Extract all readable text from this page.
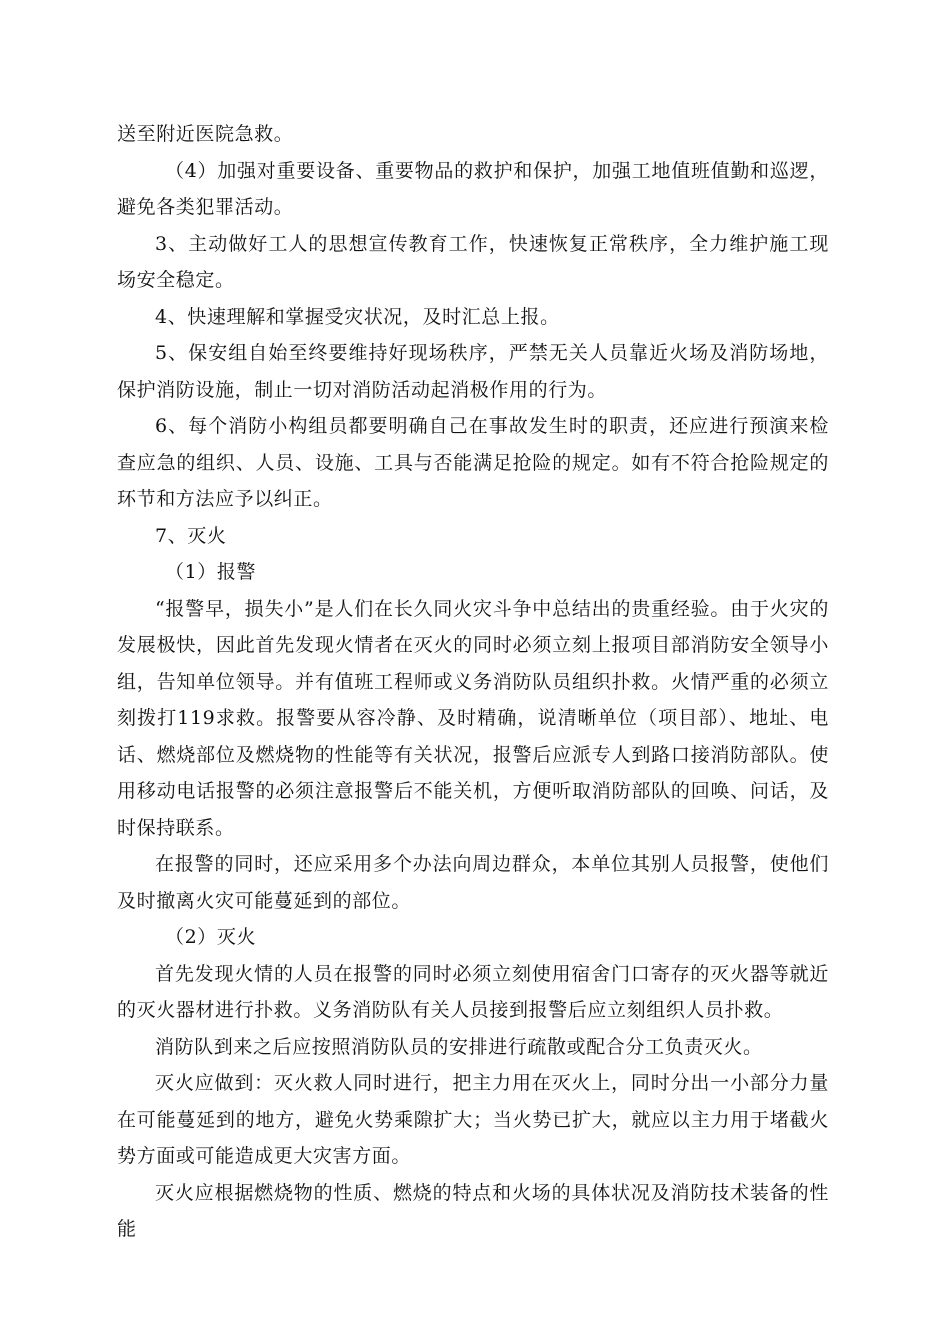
送至附近医院急救。

（4）加强对重要设备、重要物品的救护和保护，加强工地值班值勤和巡逻，避免各类犯罪活动。

3、主动做好工人的思想宣传教育工作，快速恢复正常秩序，全力维护施工现场安全稳定。

4、快速理解和掌握受灾状况，及时汇总上报。

5、保安组自始至终要维持好现场秩序，严禁无关人员靠近火场及消防场地，保护消防设施，制止一切对消防活动起消极作用的行为。

6、每个消防小构组员都要明确自己在事故发生时的职责，还应进行预演来检查应急的组织、人员、设施、工具与否能满足抢险的规定。如有不符合抢险规定的环节和方法应予以纠正。

7、灭火

（1）报警

“报警早，损失小”是人们在长久同火灾斗争中总结出的贵重经验。由于火灾的发展极快，因此首先发现火情者在灭火的同时必须立刻上报项目部消防安全领导小组，告知单位领导。并有值班工程师或义务消防队员组织扑救。火情严重的必须立刻拨打119求救。报警要从容冷静、及时精确，说清晰单位（项目部）、地址、电话、燃烧部位及燃烧物的性能等有关状况，报警后应派专人到路口接消防部队。使用移动电话报警的必须注意报警后不能关机，方便听取消防部队的回唤、问话，及时保持联系。

在报警的同时，还应采用多个办法向周边群众，本单位其别人员报警，使他们及时撤离火灾可能蔓延到的部位。

（2）灭火

首先发现火情的人员在报警的同时必须立刻使用宿舍门口寄存的灭火器等就近的灭火器材进行扑救。义务消防队有关人员接到报警后应立刻组织人员扑救。

消防队到来之后应按照消防队员的安排进行疏散或配合分工负责灭火。

灭火应做到：灭火救人同时进行，把主力用在灭火上，同时分出一小部分力量在可能蔓延到的地方，避免火势乘隙扩大；当火势已扩大，就应以主力用于堵截火势方面或可能造成更大灾害方面。

灭火应根据燃烧物的性质、燃烧的特点和火场的具体状况及消防技术装备的性能
